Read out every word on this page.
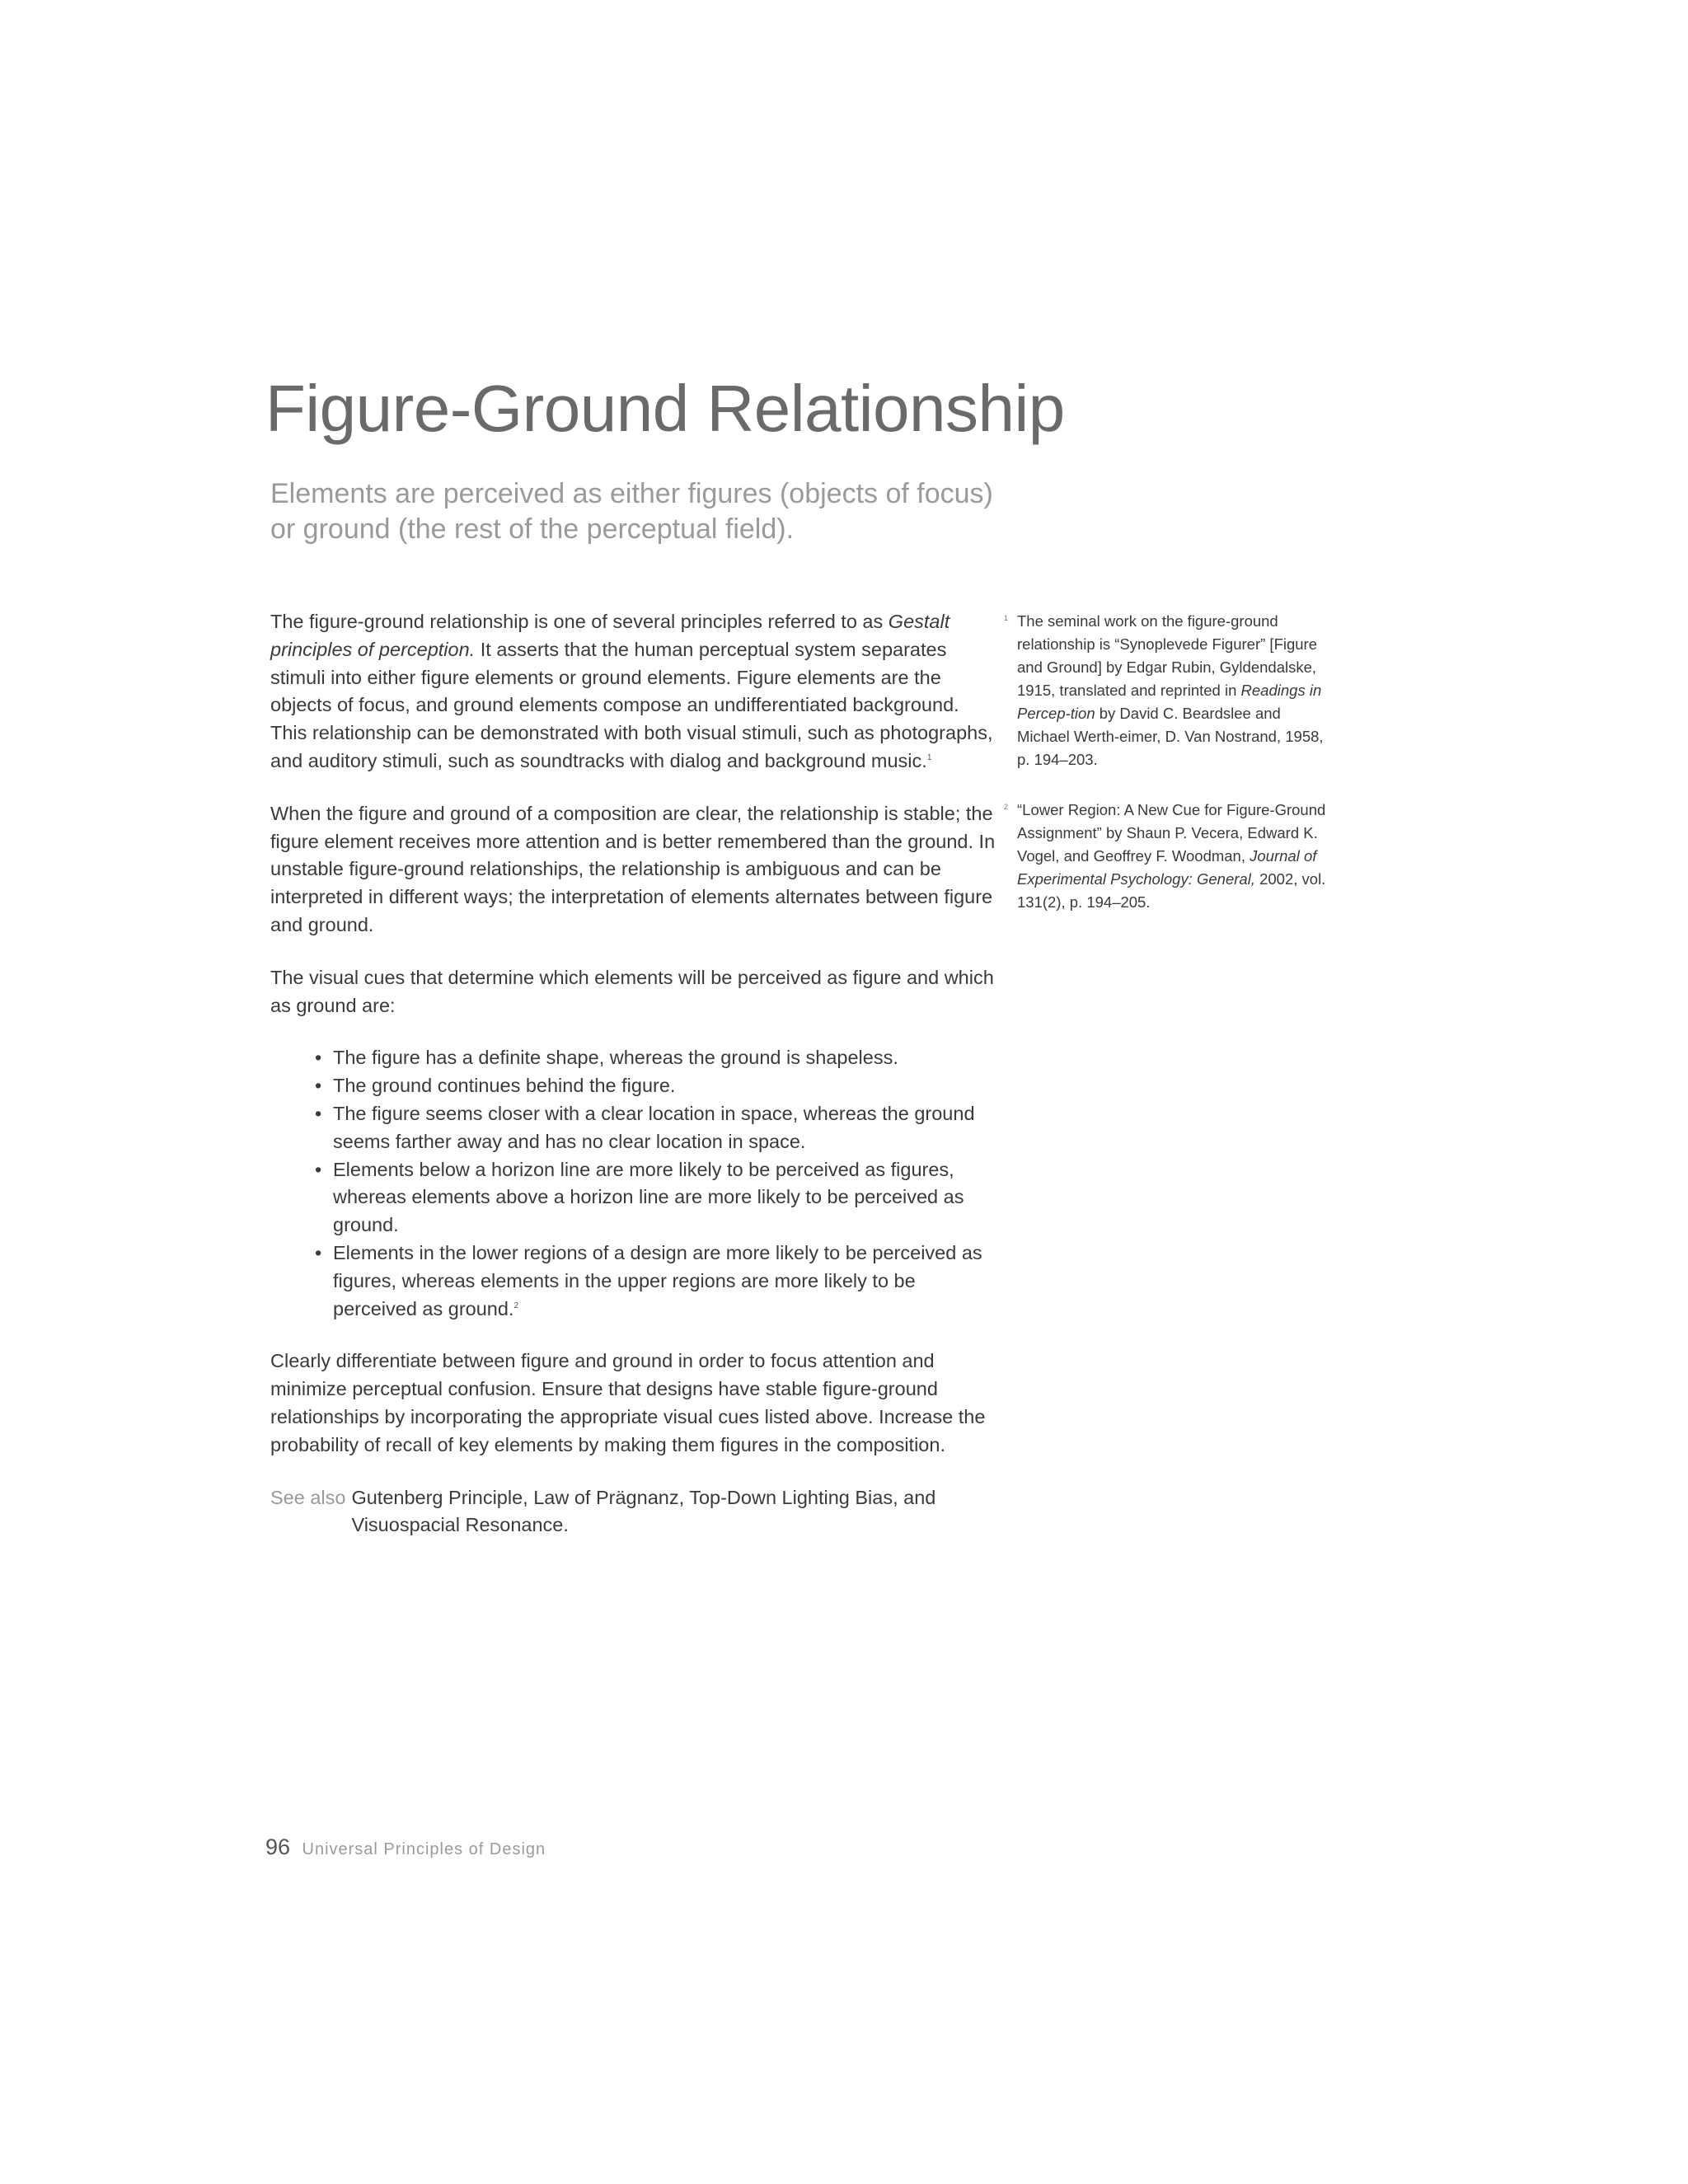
Figure-Ground Relationship

Elements are perceived as either figures (objects of focus) or ground (the rest of the perceptual field).

The figure-ground relationship is one of several principles referred to as Gestalt principles of perception. It asserts that the human perceptual system separates stimuli into either figure elements or ground elements. Figure elements are the objects of focus, and ground elements compose an undifferentiated background. This relationship can be demonstrated with both visual stimuli, such as photographs, and auditory stimuli, such as soundtracks with dialog and background music.$^1$

When the figure and ground of a composition are clear, the relationship is stable; the figure element receives more attention and is better remembered than the ground. In unstable figure-ground relationships, the relationship is ambiguous and can be interpreted in different ways; the interpretation of elements alternates between figure and ground.

The visual cues that determine which elements will be perceived as figure and which as ground are:

• The figure has a definite shape, whereas the ground is shapeless.
• The ground continues behind the figure.
• The figure seems closer with a clear location in space, whereas the ground seems farther away and has no clear location in space.
• Elements below a horizon line are more likely to be perceived as figures, whereas elements above a horizon line are more likely to be perceived as ground.
• Elements in the lower regions of a design are more likely to be perceived as figures, whereas elements in the upper regions are more likely to be perceived as ground.$^2$

Clearly differentiate between figure and ground in order to focus attention and minimize perceptual confusion. Ensure that designs have stable figure-ground relationships by incorporating the appropriate visual cues listed above. Increase the probability of recall of key elements by making them figures in the composition.

See also Gutenberg Principle, Law of Prägnanz, Top-Down Lighting Bias, and Visuospacial Resonance.
1 The seminal work on the figure-ground relationship is “Synoplevede Figurer” [Figure and Ground] by Edgar Rubin, Gyldendalske, 1915, translated and reprinted in Readings in Percep-tion by David C. Beardslee and Michael Werth-eimer, D. Van Nostrand, 1958, p. 194–203.
2 “Lower Region: A New Cue for Figure-Ground Assignment” by Shaun P. Vecera, Edward K. Vogel, and Geoffrey F. Woodman, Journal of Experimental Psychology: General, 2002, vol. 131(2), p. 194–205.
96 Universal Principles of Design
